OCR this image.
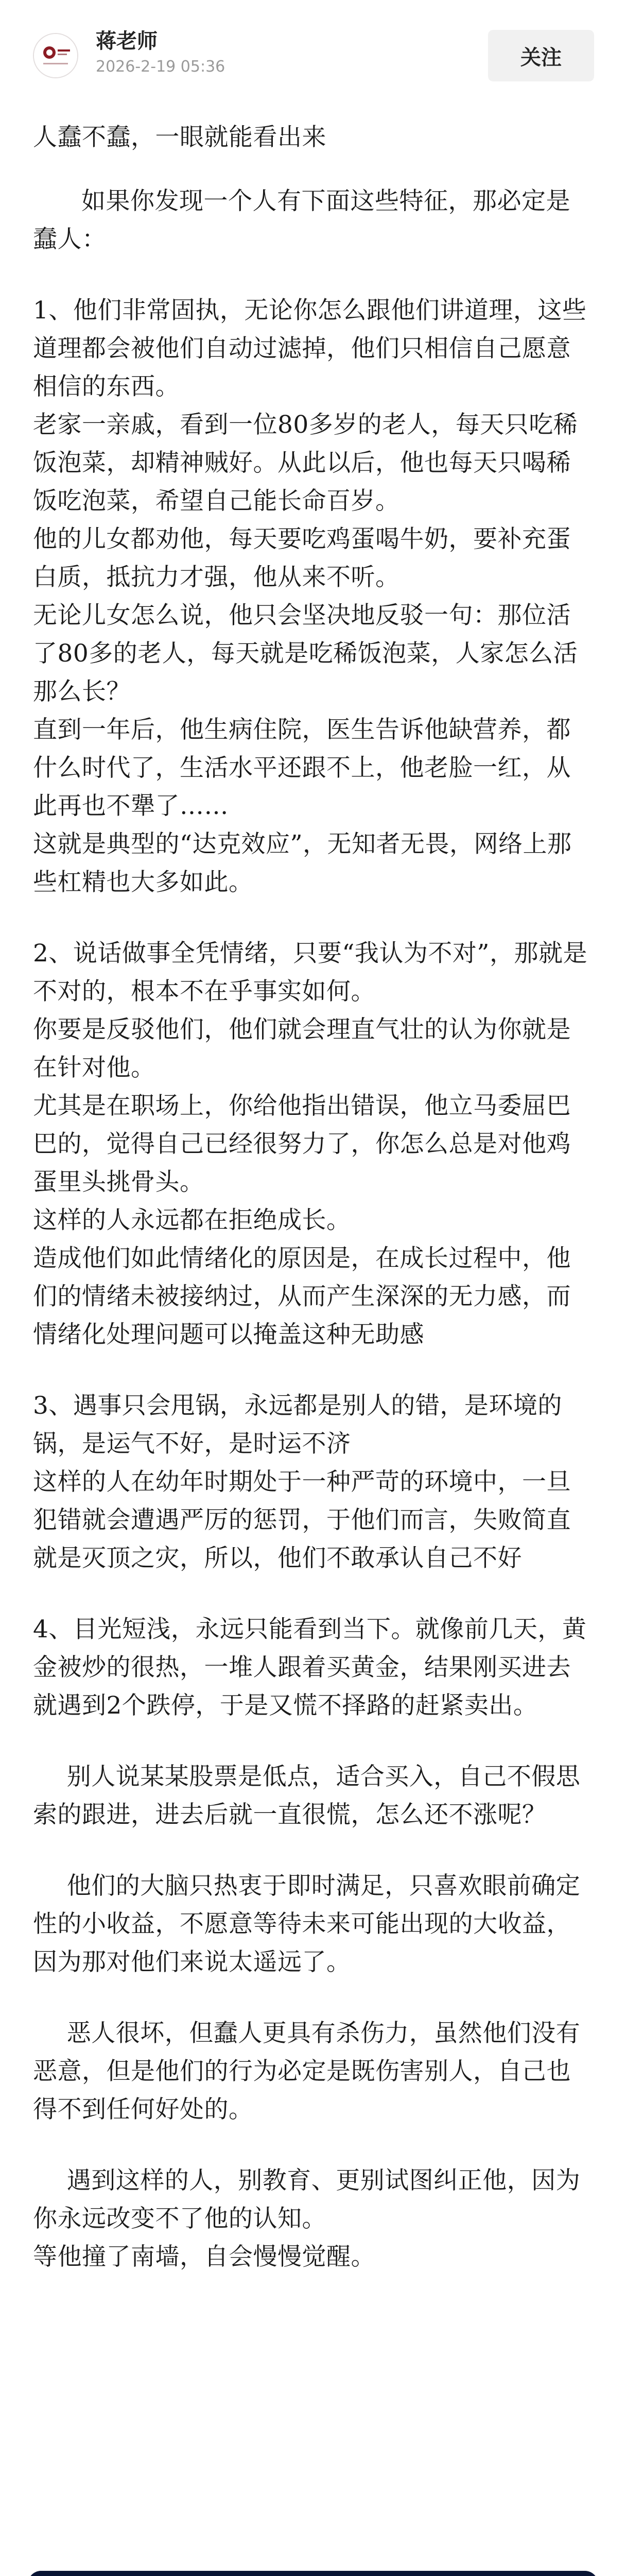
蒋老师
2026-2-19 05:36	关注

人蠢不蠢，一眼就能看出来

如果你发现一个人有下面这些特征，那必定是蠢人：

1、他们非常固执，无论你怎么跟他们讲道理，这些道理都会被他们自动过滤掉，他们只相信自己愿意相信的东西。

老家一亲戚，看到一位80多岁的老人，每天只吃稀饭泡菜，却精神贼好。从此以后，他也每天只喝稀饭吃泡菜，希望自己能长命百岁。

他的儿女都劝他，每天要吃鸡蛋喝牛奶，要补充蛋白质，抵抗力才强，他从来不听。

无论儿女怎么说，他只会坚决地反驳一句：那位活了80多的老人，每天就是吃稀饭泡菜，人家怎么活那么长？

直到一年后，他生病住院，医生告诉他缺营养，都什么时代了，生活水平还跟不上，他老脸一红，从此再也不犟了……

这就是典型的“达克效应”，无知者无畏，网络上那些杠精也大多如此。

2、说话做事全凭情绪，只要“我认为不对”，那就是不对的，根本不在乎事实如何。

你要是反驳他们，他们就会理直气壮的认为你就是在针对他。

尤其是在职场上，你给他指出错误，他立马委屈巴巴的，觉得自己已经很努力了，你怎么总是对他鸡蛋里头挑骨头。

这样的人永远都在拒绝成长。

造成他们如此情绪化的原因是，在成长过程中，他们的情绪未被接纳过，从而产生深深的无力感，而情绪化处理问题可以掩盖这种无助感

3、遇事只会甩锅，永远都是别人的错，是环境的锅，是运气不好，是时运不济

这样的人在幼年时期处于一种严苛的环境中，一旦犯错就会遭遇严厉的惩罚，于他们而言，失败简直就是灭顶之灾，所以，他们不敢承认自己不好

4、目光短浅，永远只能看到当下。就像前几天，黄金被炒的很热，一堆人跟着买黄金，结果刚买进去就遇到2个跌停，于是又慌不择路的赶紧卖出。

别人说某某股票是低点，适合买入，自己不假思索的跟进，进去后就一直很慌，怎么还不涨呢？

他们的大脑只热衷于即时满足，只喜欢眼前确定性的小收益，不愿意等待未来可能出现的大收益，因为那对他们来说太遥远了。

恶人很坏，但蠢人更具有杀伤力，虽然他们没有恶意，但是他们的行为必定是既伤害别人，自己也得不到任何好处的。

遇到这样的人，别教育、更别试图纠正他，因为你永远改变不了他的认知。

等他撞了南墙，自会慢慢觉醒。
